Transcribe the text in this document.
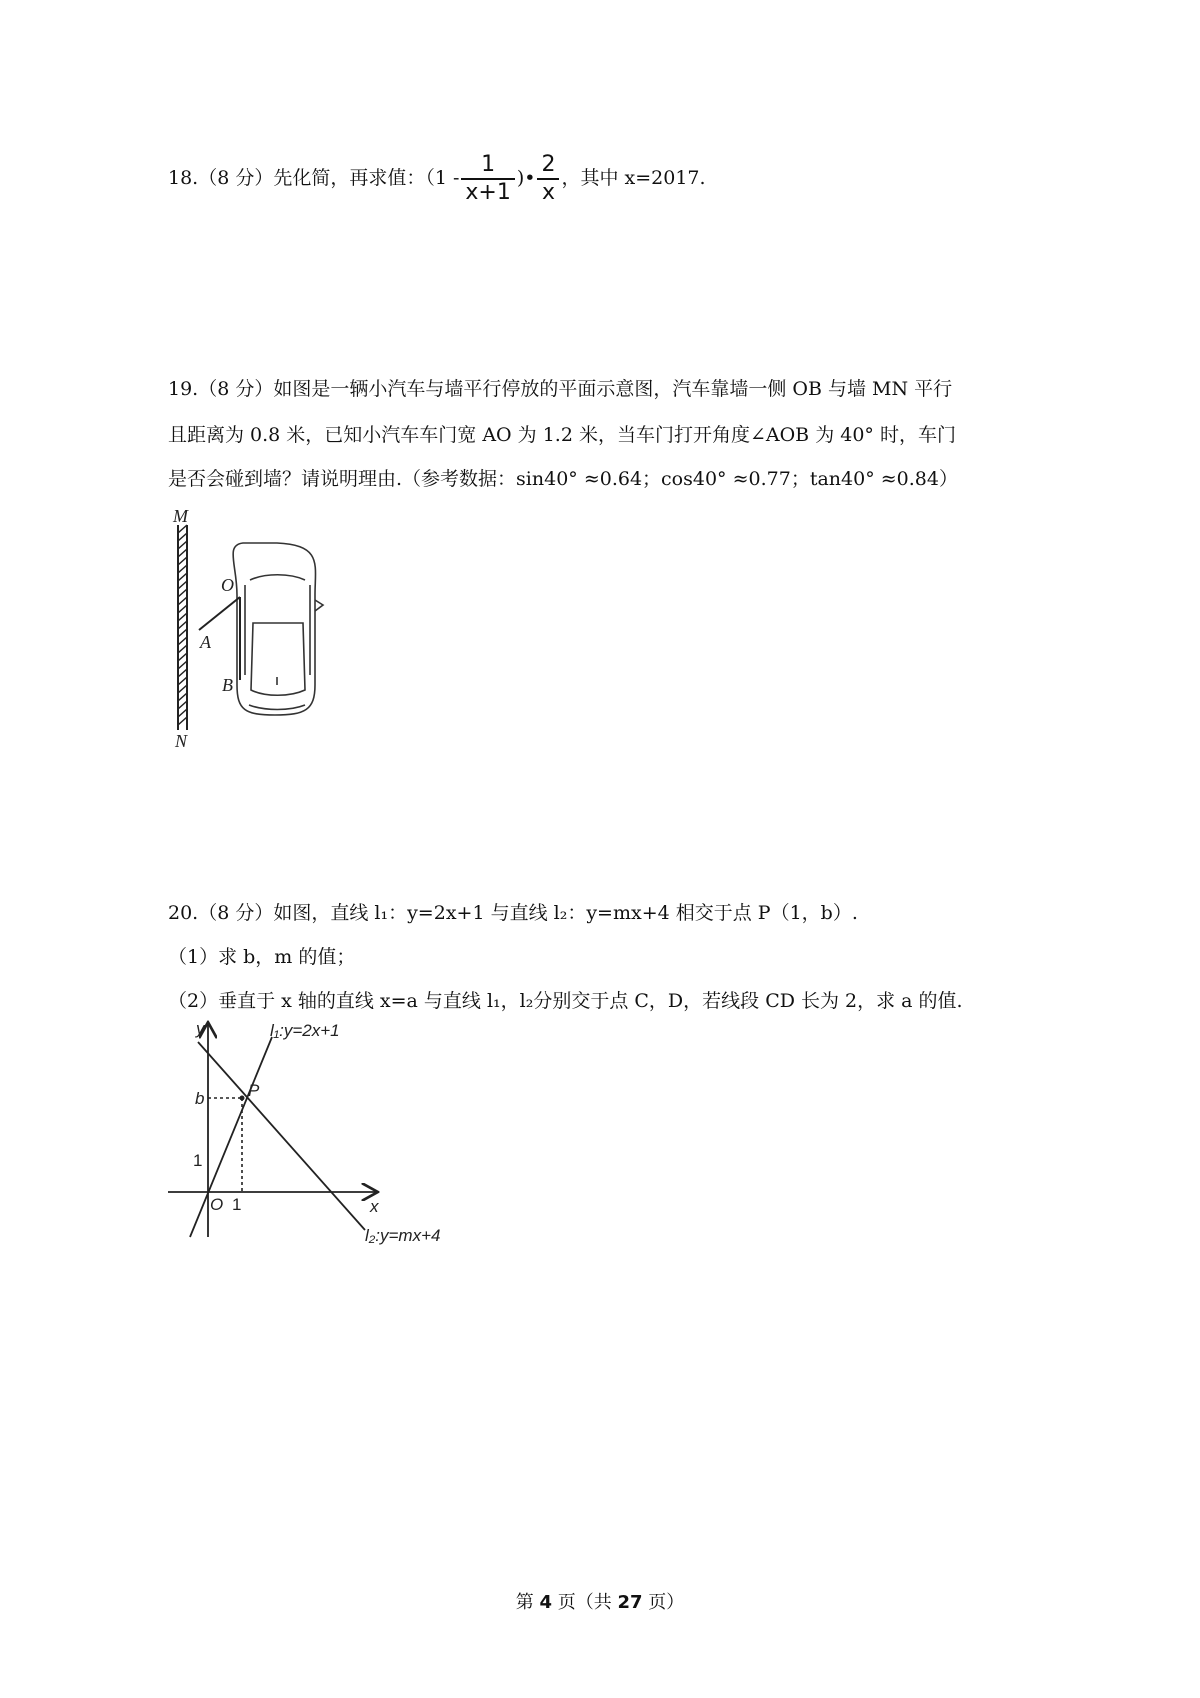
18.（8 分）先化简，再求值：（$1 - \frac{1}{x+1}$ )• $\frac{2}{x}$ ，其中 x=2017.
19.（8 分）如图是一辆小汽车与墙平行停放的平面示意图，汽车靠墙一侧 OB 与墙 MN 平行
且距离为 0.8 米，已知小汽车车门宽 AO 为 1.2 米，当车门打开角度∠AOB 为 40° 时，车门
是否会碰到墙？请说明理由.（参考数据：sin40° ≈0.64；cos40° ≈0.77；tan40° ≈0.84）
M
N
O
A
B
20.（8 分）如图，直线 l₁：y=2x+1 与直线 l₂：y=mx+4 相交于点 P（1，b）.
（1）求 b，m 的值；
（2）垂直于 x 轴的直线 x=a 与直线 l₁，l₂分别交于点 C，D，若线段 CD 长为 2，求 a 的值.
y
x
O 1
1
b	P
l₁:y=2x+1
l₂:y=mx+4
第 4 页（共 27 页）
